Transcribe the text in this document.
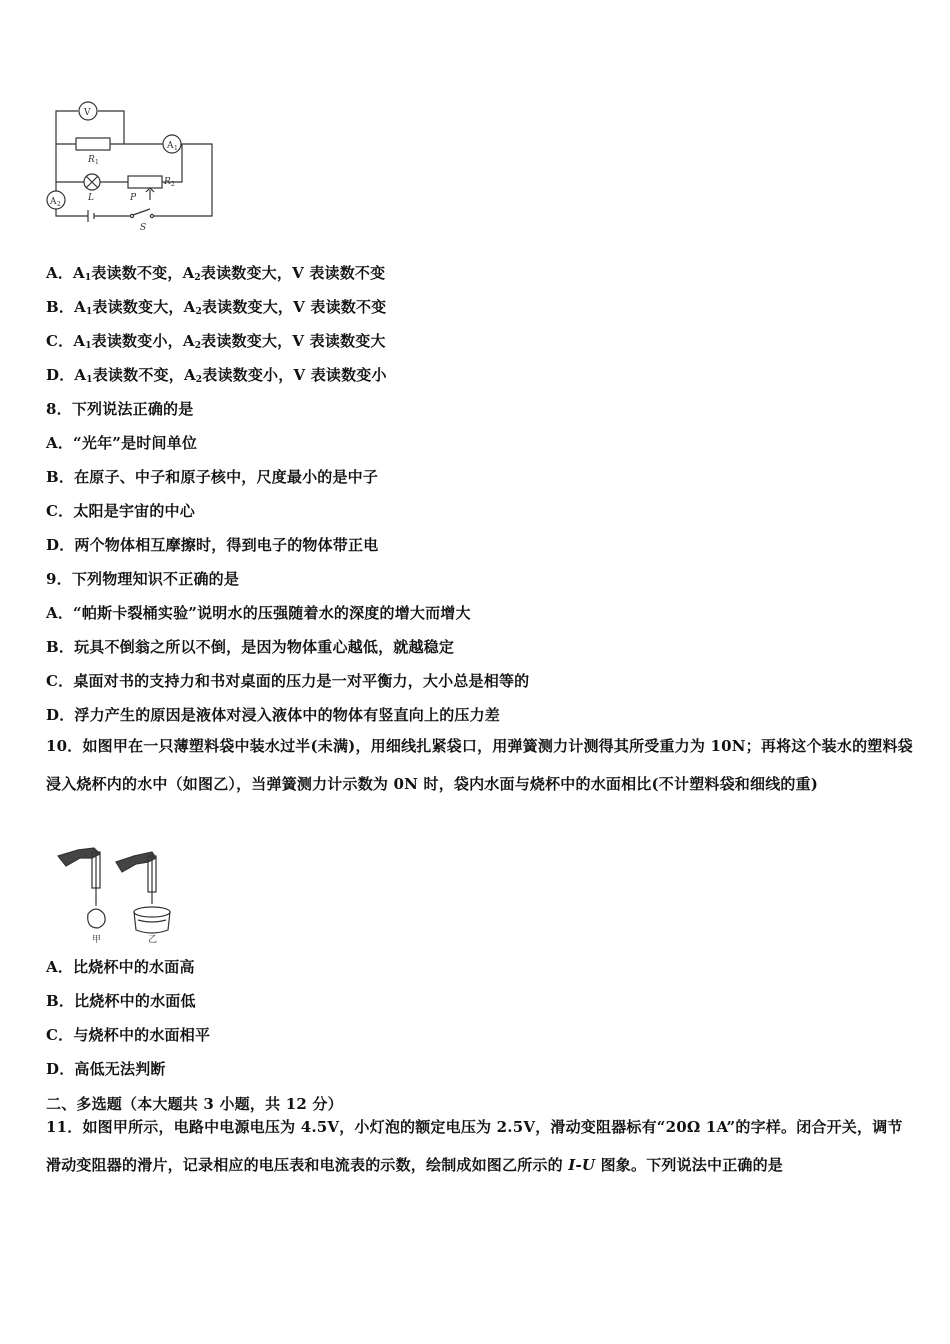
V
A 1
A 2
R 1
R 2
L	P
S
A．$A_1$表读数不变，$A_2$表读数变大，V 表读数不变
B．$A_1$表读数变大，$A_2$表读数变大，V 表读数不变
C．$A_1$表读数变小，$A_2$表读数变大，V 表读数变大
D．$A_1$表读数不变，$A_2$表读数变小，V 表读数变小
8．下列说法正确的是
A．“光年”是时间单位
B．在原子、中子和原子核中，尺度最小的是中子
C．太阳是宇宙的中心
D．两个物体相互摩擦时，得到电子的物体带正电
9．下列物理知识不正确的是
A．“帕斯卡裂桶实验”说明水的压强随着水的深度的增大而增大
B．玩具不倒翁之所以不倒，是因为物体重心越低，就越稳定
C．桌面对书的支持力和书对桌面的压力是一对平衡力，大小总是相等的
D．浮力产生的原因是液体对浸入液体中的物体有竖直向上的压力差
10．如图甲在一只薄塑料袋中装水过半(未满)，用细线扎紧袋口，用弹簧测力计测得其所受重力为 10N；再将这个装水的塑料袋浸入烧杯内的水中（如图乙），当弹簧测力计示数为 0N 时，袋内水面与烧杯中的水面相比(不计塑料袋和细线的重)
甲	乙
A．比烧杯中的水面高
B．比烧杯中的水面低
C．与烧杯中的水面相平
D．高低无法判断
二、多选题（本大题共 3 小题，共 12 分）
11．如图甲所示，电路中电源电压为 4.5V，小灯泡的额定电压为 2.5V，滑动变阻器标有“20Ω 1A”的字样。闭合开关，调节滑动变阻器的滑片，记录相应的电压表和电流表的示数，绘制成如图乙所示的 I-U 图象。下列说法中正确的是
